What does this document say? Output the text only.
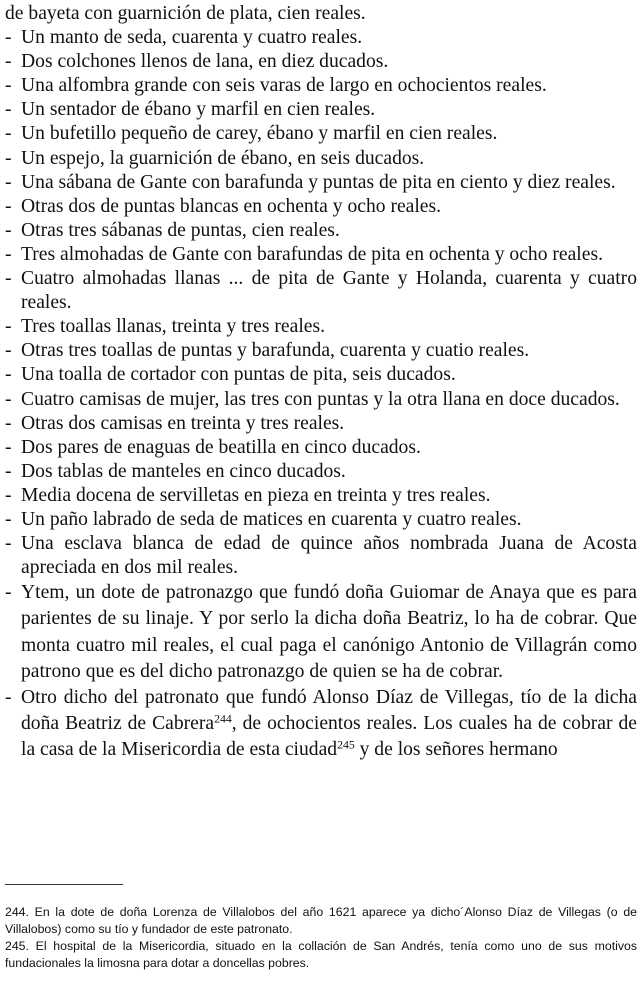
de bayeta con guarnición de plata, cien reales.

- Un manto de seda, cuarenta y cuatro reales.

- Dos colchones llenos de lana, en diez ducados.

- Una alfombra grande con seis varas de largo en ochocientos reales.

- Un sentador de ébano y marfil en cien reales.

- Un bufetillo pequeño de carey, ébano y marfil en cien reales.

- Un espejo, la guarnición de ébano, en seis ducados.

- Una sábana de Gante con barafunda y puntas de pita en ciento y diez reales.

- Otras dos de puntas blancas en ochenta y ocho reales.

- Otras tres sábanas de puntas, cien reales.

- Tres almohadas de Gante con barafundas de pita en ochenta y ocho reales.

- Cuatro almohadas llanas ... de pita de Gante y Holanda, cuarenta y cuatro reales.

- Tres toallas llanas, treinta y tres reales.

- Otras tres toallas de puntas y barafunda, cuarenta y cuatio reales.

- Una toalla de cortador con puntas de pita, seis ducados.

- Cuatro camisas de mujer, las tres con puntas y la otra llana en doce ducados.

- Otras dos camisas en treinta y tres reales.

- Dos pares de enaguas de beatilla en cinco ducados.

- Dos tablas de manteles en cinco ducados.

- Media docena de servilletas en pieza en treinta y tres reales.

- Un paño labrado de seda de matices en cuarenta y cuatro reales.

- Una esclava blanca de edad de quince años nombrada Juana de Acosta apreciada en dos mil reales.

- Ytem, un dote de patronazgo que fundó doña Guiomar de Anaya que es para parientes de su linaje. Y por serlo la dicha doña Beatriz, lo ha de cobrar. Que monta cuatro mil reales, el cual paga el canónigo Antonio de Villagrán como patrono que es del dicho patronazgo de quien se ha de cobrar.

- Otro dicho del patronato que fundó Alonso Díaz de Villegas, tío de la dicha doña Beatriz de Cabrera$^{244}$, de ochocientos reales. Los cuales ha de cobrar de la casa de la Misericordia de esta ciudad$^{245}$ y de los señores hermano

244. En la dote de doña Lorenza de Villalobos del año 1621 aparece ya dicho´Alonso Díaz de Villegas (o de Villalobos) como su tío y fundador de este patronato.

245. El hospital de la Misericordia, situado en la collación de San Andrés, tenía como uno de sus motivos fundacionales la limosna para dotar a doncellas pobres.
